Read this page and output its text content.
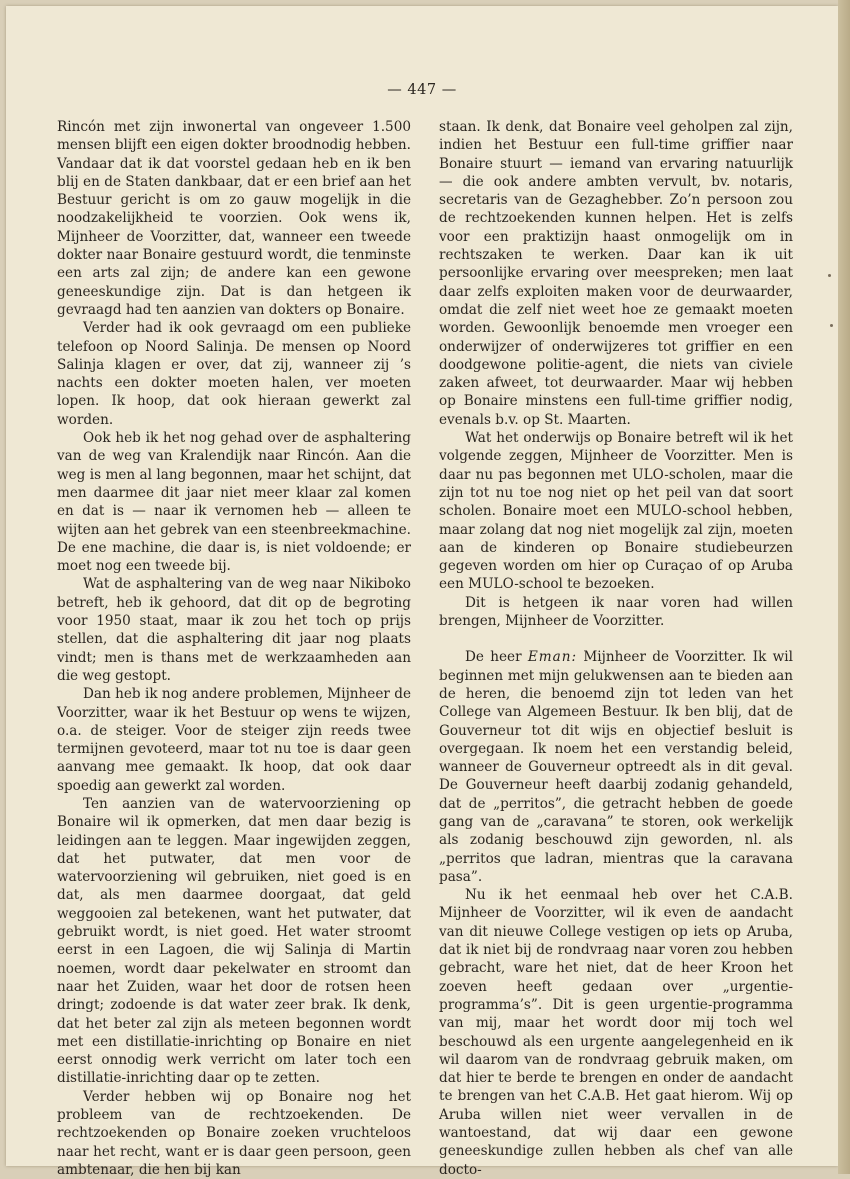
— 447 —

Rincón met zijn inwonertal van ongeveer 1.500 mensen blijft een eigen dokter broodnodig hebben. Vandaar dat ik dat voorstel gedaan heb en ik ben blij en de Staten dankbaar, dat er een brief aan het Bestuur gericht is om zo gauw mogelijk in die noodzakelijkheid te voorzien. Ook wens ik, Mijnheer de Voorzitter, dat, wanneer een tweede dokter naar Bonaire gestuurd wordt, die tenminste een arts zal zijn; de andere kan een gewone geneeskundige zijn. Dat is dan hetgeen ik gevraagd had ten aanzien van dokters op Bonaire.

Verder had ik ook gevraagd om een publieke telefoon op Noord Salinja. De mensen op Noord Salinja klagen er over, dat zij, wanneer zij ’s nachts een dokter moeten halen, ver moeten lopen. Ik hoop, dat ook hieraan gewerkt zal worden.

Ook heb ik het nog gehad over de asphaltering van de weg van Kralendijk naar Rincón. Aan die weg is men al lang begonnen, maar het schijnt, dat men daarmee dit jaar niet meer klaar zal komen en dat is — naar ik vernomen heb — alleen te wijten aan het gebrek van een steenbreekmachine. De ene machine, die daar is, is niet voldoende; er moet nog een tweede bij.

Wat de asphaltering van de weg naar Nikiboko betreft, heb ik gehoord, dat dit op de begroting voor 1950 staat, maar ik zou het toch op prijs stellen, dat die asphaltering dit jaar nog plaats vindt; men is thans met de werkzaamheden aan die weg gestopt.

Dan heb ik nog andere problemen, Mijnheer de Voorzitter, waar ik het Bestuur op wens te wijzen, o.a. de steiger. Voor de steiger zijn reeds twee termijnen gevoteerd, maar tot nu toe is daar geen aanvang mee gemaakt. Ik hoop, dat ook daar spoedig aan gewerkt zal worden.

Ten aanzien van de watervoorziening op Bonaire wil ik opmerken, dat men daar bezig is leidingen aan te leggen. Maar ingewijden zeggen, dat het putwater, dat men voor de watervoorziening wil gebruiken, niet goed is en dat, als men daarmee doorgaat, dat geld weggooien zal betekenen, want het putwater, dat gebruikt wordt, is niet goed. Het water stroomt eerst in een Lagoen, die wij Salinja di Martin noemen, wordt daar pekelwater en stroomt dan naar het Zuiden, waar het door de rotsen heen dringt; zodoende is dat water zeer brak. Ik denk, dat het beter zal zijn als meteen begonnen wordt met een distillatie-inrichting op Bonaire en niet eerst onnodig werk verricht om later toch een distillatie-inrichting daar op te zetten.

Verder hebben wij op Bonaire nog het probleem van de rechtzoekenden. De rechtzoekenden op Bonaire zoeken vruchteloos naar het recht, want er is daar geen persoon, geen ambtenaar, die hen bij kan

staan. Ik denk, dat Bonaire veel geholpen zal zijn, indien het Bestuur een full-time griffier naar Bonaire stuurt — iemand van ervaring natuurlijk — die ook andere ambten vervult, bv. notaris, secretaris van de Gezaghebber. Zo’n persoon zou de rechtzoekenden kunnen helpen. Het is zelfs voor een praktizijn haast onmogelijk om in rechtszaken te werken. Daar kan ik uit persoonlijke ervaring over meespreken; men laat daar zelfs exploiten maken voor de deurwaarder, omdat die zelf niet weet hoe ze gemaakt moeten worden. Gewoonlijk benoemde men vroeger een onderwijzer of onderwijzeres tot griffier en een doodgewone politie-agent, die niets van civiele zaken afweet, tot deurwaarder. Maar wij hebben op Bonaire minstens een full-time griffier nodig, evenals b.v. op St. Maarten.

Wat het onderwijs op Bonaire betreft wil ik het volgende zeggen, Mijnheer de Voorzitter. Men is daar nu pas begonnen met ULO-scholen, maar die zijn tot nu toe nog niet op het peil van dat soort scholen. Bonaire moet een MULO-school hebben, maar zolang dat nog niet mogelijk zal zijn, moeten aan de kinderen op Bonaire studiebeurzen gegeven worden om hier op Curaçao of op Aruba een MULO-school te bezoeken.

Dit is hetgeen ik naar voren had willen brengen, Mijnheer de Voorzitter.

De heer Eman: Mijnheer de Voorzitter. Ik wil beginnen met mijn gelukwensen aan te bieden aan de heren, die benoemd zijn tot leden van het College van Algemeen Bestuur. Ik ben blij, dat de Gouverneur tot dit wijs en objectief besluit is overgegaan. Ik noem het een verstandig beleid, wanneer de Gouverneur optreedt als in dit geval. De Gouverneur heeft daarbij zodanig gehandeld, dat de „perritos”, die getracht hebben de goede gang van de „caravana” te storen, ook werkelijk als zodanig beschouwd zijn geworden, nl. als „perritos que ladran, mientras que la caravana pasa”.

Nu ik het eenmaal heb over het C.A.B. Mijnheer de Voorzitter, wil ik even de aandacht van dit nieuwe College vestigen op iets op Aruba, dat ik niet bij de rondvraag naar voren zou hebben gebracht, ware het niet, dat de heer Kroon het zoeven heeft gedaan over „urgentie-programma’s”. Dit is geen urgentie-programma van mij, maar het wordt door mij toch wel beschouwd als een urgente aangelegenheid en ik wil daarom van de rondvraag gebruik maken, om dat hier te berde te brengen en onder de aandacht te brengen van het C.A.B. Het gaat hierom. Wij op Aruba willen niet weer vervallen in de wantoestand, dat wij daar een gewone geneeskundige zullen hebben als chef van alle docto-
